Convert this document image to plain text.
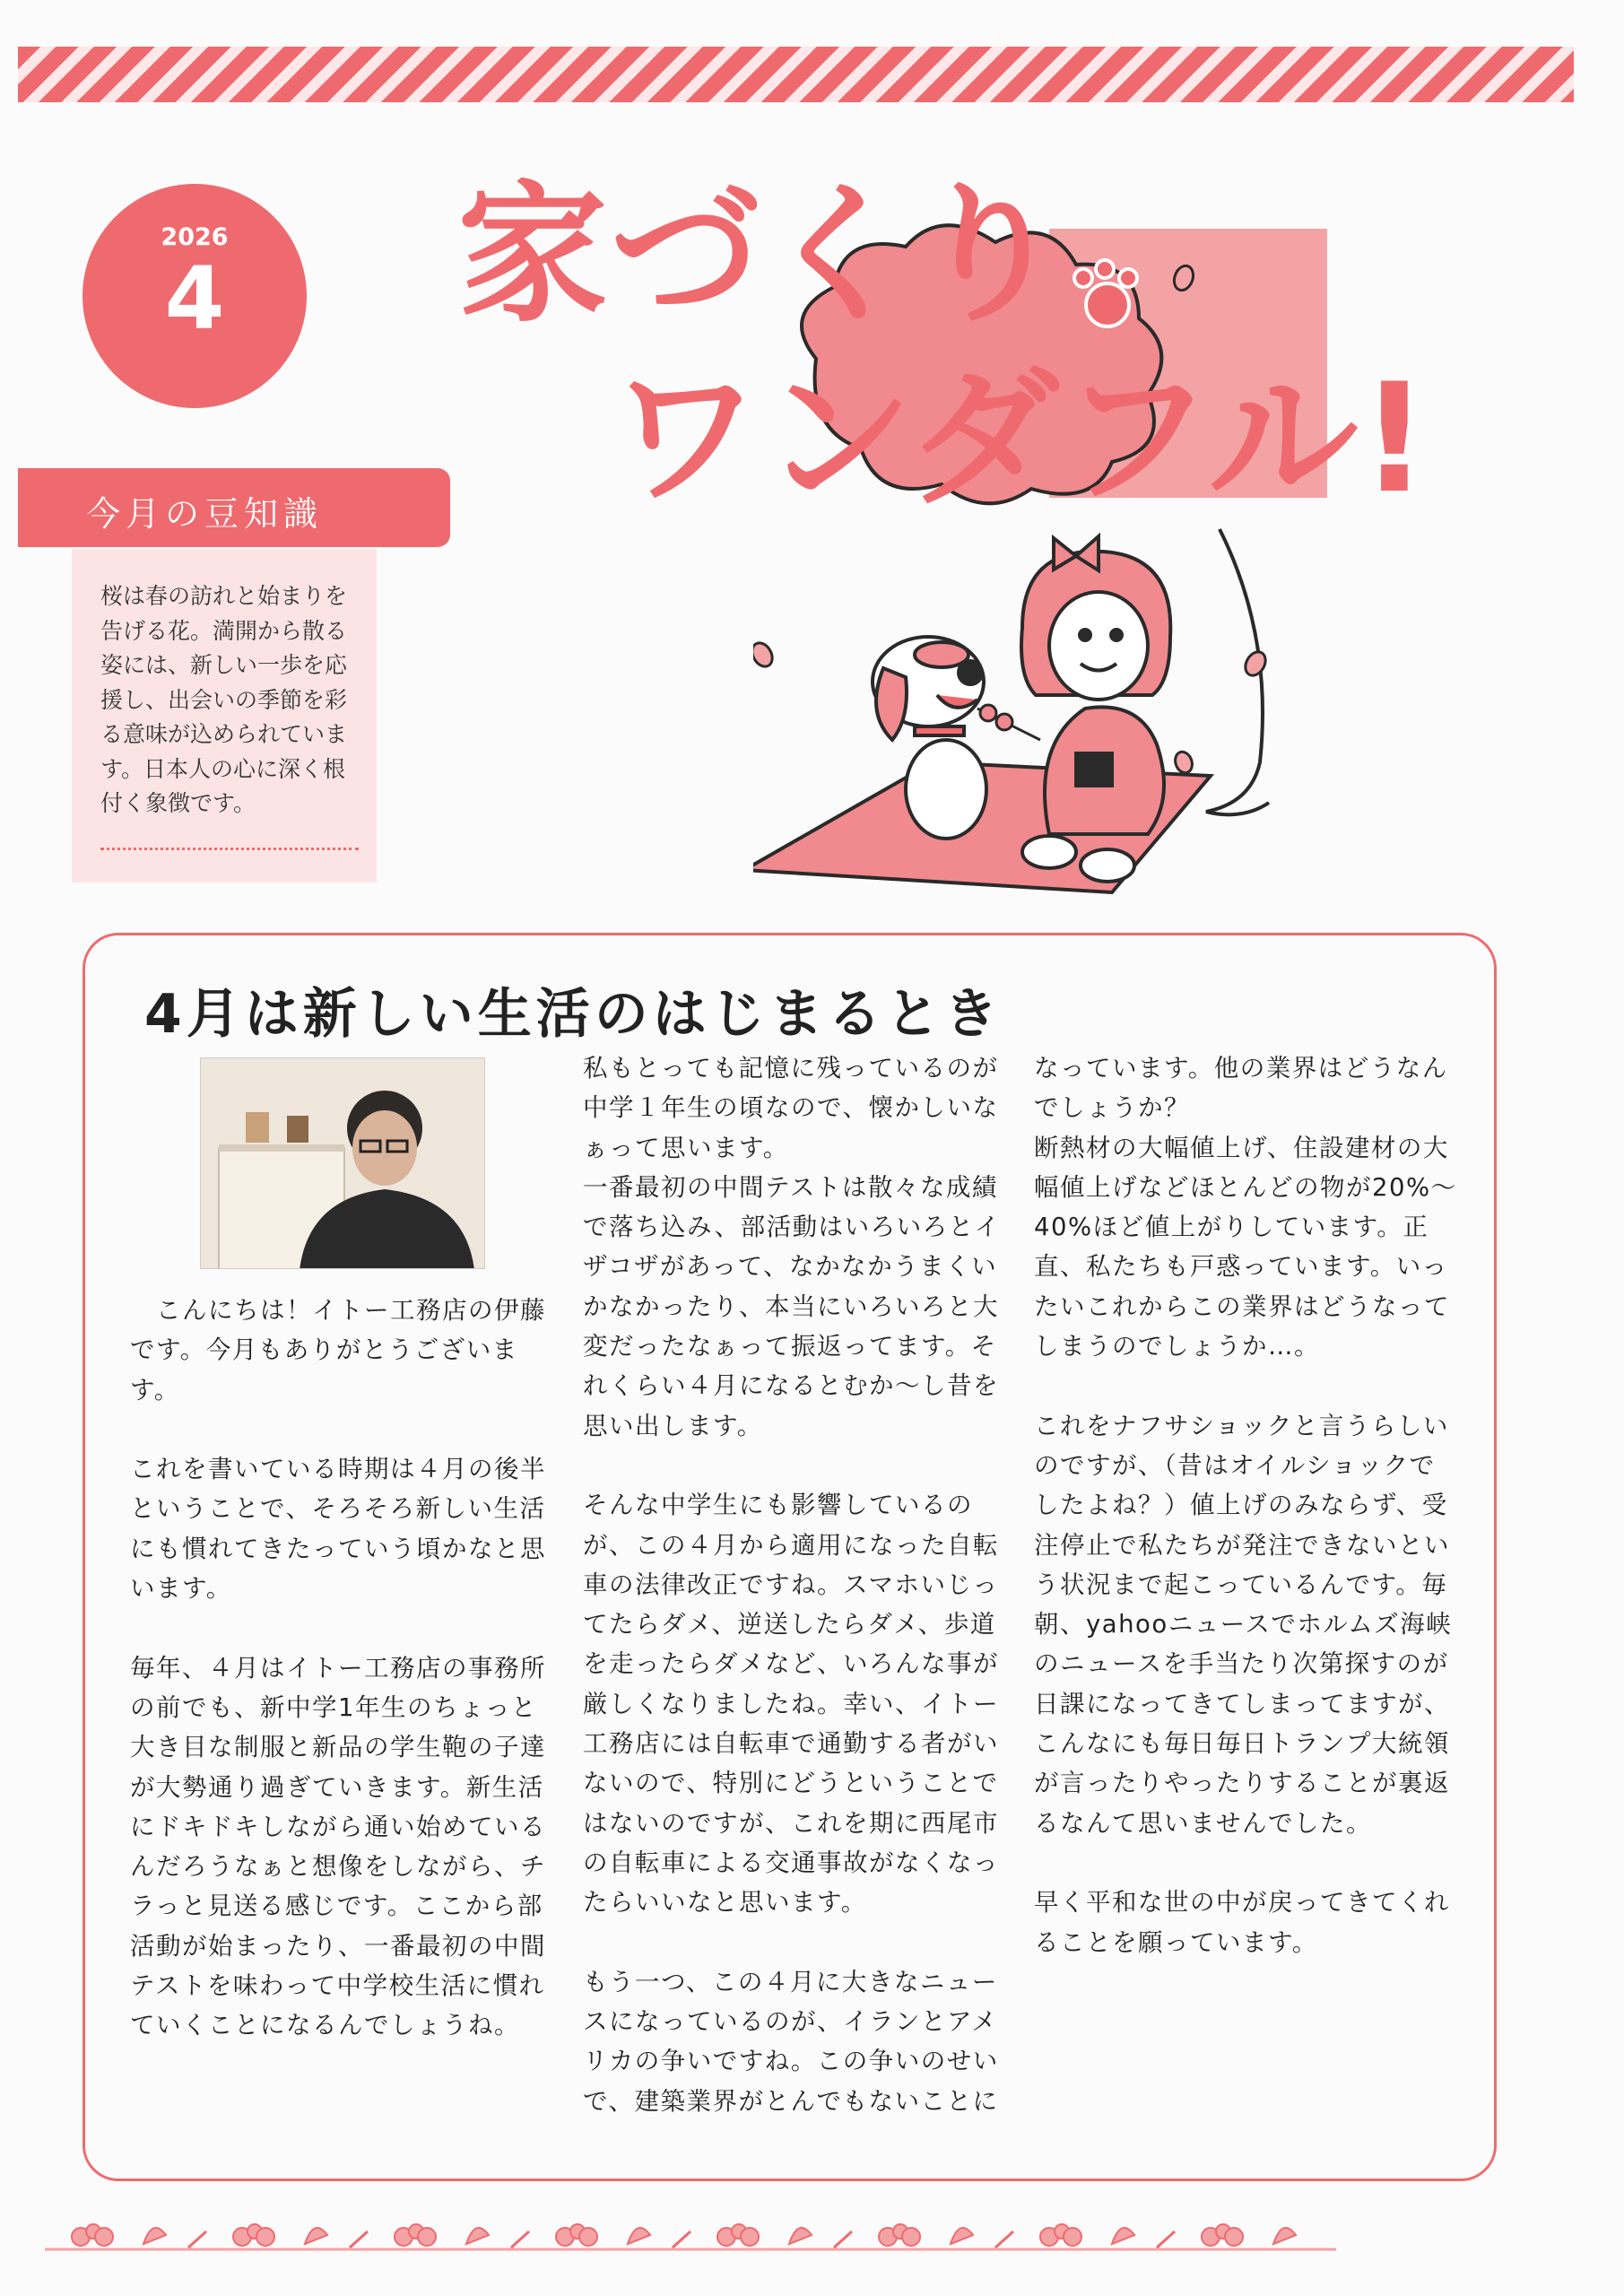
2026
4
今月の豆知識

桜は春の訪れと始まりを告げる花。満開から散る姿には、新しい一歩を応援し、出会いの季節を彩る意味が込められています。日本人の心に深く根付く象徴です。

家づくり
ワンダフル!
4月は新しい生活のはじまるとき

　こんにちは！イトー工務店の伊藤です。今月もありがとうございます。

これを書いている時期は４月の後半ということで、そろそろ新しい生活にも慣れてきたっていう頃かなと思います。

毎年、４月はイトー工務店の事務所の前でも、新中学1年生のちょっと大き目な制服と新品の学生鞄の子達が大勢通り過ぎていきます。新生活にドキドキしながら通い始めているんだろうなぁと想像をしながら、チラっと見送る感じです。ここから部活動が始まったり、一番最初の中間テストを味わって中学校生活に慣れていくことになるんでしょうね。

私もとっても記憶に残っているのが中学１年生の頃なので、懐かしいなぁって思います。

一番最初の中間テストは散々な成績で落ち込み、部活動はいろいろとイザコザがあって、なかなかうまくいかなかったり、本当にいろいろと大変だったなぁって振返ってます。それくらい４月になるとむか〜し昔を思い出します。

そんな中学生にも影響しているのが、この４月から適用になった自転車の法律改正ですね。スマホいじってたらダメ、逆送したらダメ、歩道を走ったらダメなど、いろんな事が厳しくなりましたね。幸い、イトー工務店には自転車で通勤する者がいないので、特別にどうということではないのですが、これを期に西尾市の自転車による交通事故がなくなったらいいなと思います。

もう一つ、この４月に大きなニュースになっているのが、イランとアメリカの争いですね。この争いのせいで、建築業界がとんでもないことに

なっています。他の業界はどうなんでしょうか？

断熱材の大幅値上げ、住設建材の大幅値上げなどほとんどの物が20%〜40%ほど値上がりしています。正直、私たちも戸惑っています。いったいこれからこの業界はどうなってしまうのでしょうか…。

これをナフサショックと言うらしいのですが、（昔はオイルショックでしたよね？）値上げのみならず、受注停止で私たちが発注できないという状況まで起こっているんです。毎朝、yahooニュースでホルムズ海峡のニュースを手当たり次第探すのが日課になってきてしまってますが、こんなにも毎日毎日トランプ大統領が言ったりやったりすることが裏返るなんて思いませんでした。

早く平和な世の中が戻ってきてくれることを願っています。
